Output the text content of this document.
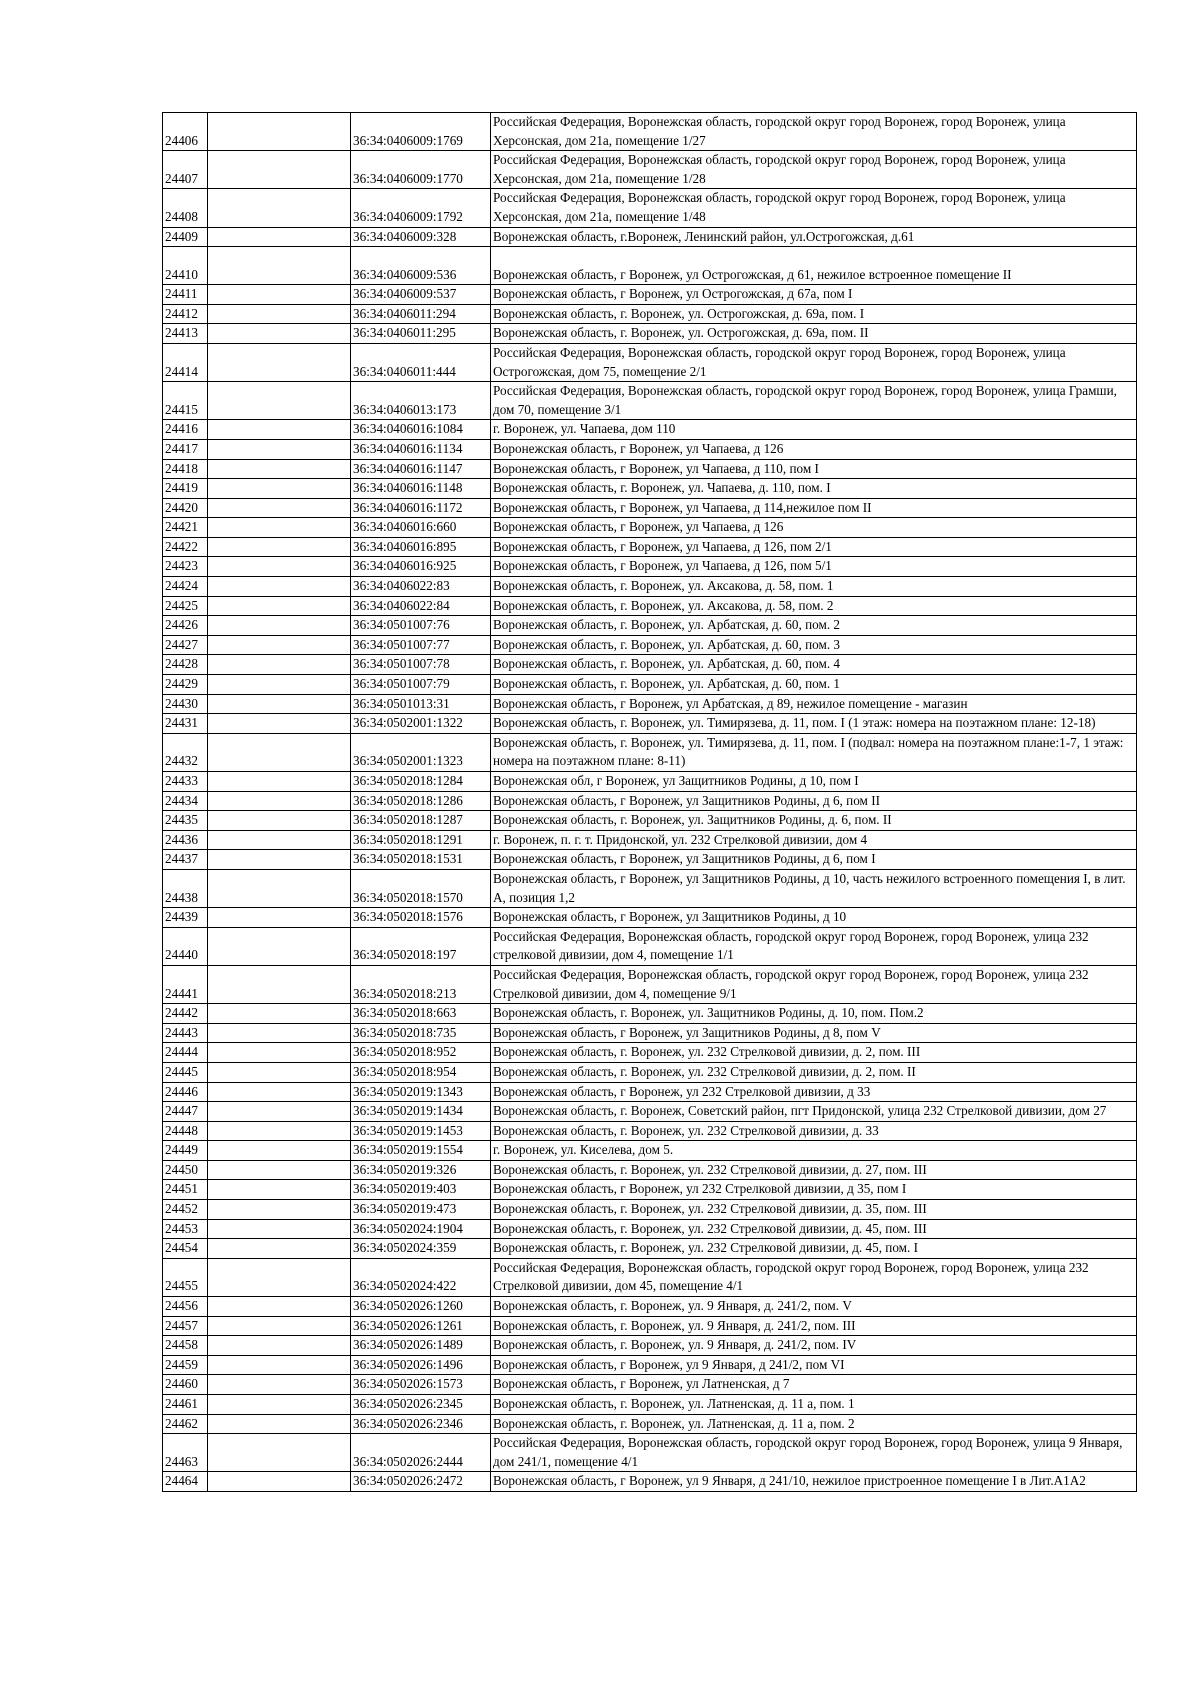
24406		36:34:0406009:1769	Российская Федерация, Воронежская область, городской округ город Воронеж, город Воронеж, улица Херсонская, дом 21а, помещение 1/27
24407		36:34:0406009:1770	Российская Федерация, Воронежская область, городской округ город Воронеж, город Воронеж, улица Херсонская, дом 21а, помещение 1/28
24408		36:34:0406009:1792	Российская Федерация, Воронежская область, городской округ город Воронеж, город Воронеж, улица Херсонская, дом 21а, помещение 1/48
24409		36:34:0406009:328	Воронежская область, г.Воронеж, Ленинский район, ул.Острогожская, д.61
24410		36:34:0406009:536	Воронежская область, г Воронеж, ул Острогожская, д 61, нежилое встроенное помещение II
24411		36:34:0406009:537	Воронежская область, г Воронеж, ул Острогожская, д 67а, пом I
24412		36:34:0406011:294	Воронежская область, г. Воронеж, ул. Острогожская, д. 69а, пом. I
24413		36:34:0406011:295	Воронежская область, г. Воронеж, ул. Острогожская, д. 69а, пом. II
24414		36:34:0406011:444	Российская Федерация, Воронежская область, городской округ город Воронеж, город Воронеж, улица Острогожская, дом 75, помещение 2/1
24415		36:34:0406013:173	Российская Федерация, Воронежская область, городской округ город Воронеж, город Воронеж, улица Грамши, дом 70, помещение 3/1
24416		36:34:0406016:1084	г. Воронеж, ул. Чапаева, дом 110
24417		36:34:0406016:1134	Воронежская область, г Воронеж, ул Чапаева, д 126
24418		36:34:0406016:1147	Воронежская область, г Воронеж, ул Чапаева, д 110, пом I
24419		36:34:0406016:1148	Воронежская область, г. Воронеж, ул. Чапаева, д. 110, пом. I
24420		36:34:0406016:1172	Воронежская область, г Воронеж, ул Чапаева, д 114,нежилое пом II
24421		36:34:0406016:660	Воронежская область, г Воронеж, ул Чапаева, д 126
24422		36:34:0406016:895	Воронежская область, г Воронеж, ул Чапаева, д 126, пом 2/1
24423		36:34:0406016:925	Воронежская область, г Воронеж, ул Чапаева, д 126, пом 5/1
24424		36:34:0406022:83	Воронежская область, г. Воронеж, ул. Аксакова, д. 58, пом. 1
24425		36:34:0406022:84	Воронежская область, г. Воронеж, ул. Аксакова, д. 58, пом. 2
24426		36:34:0501007:76	Воронежская область, г. Воронеж, ул. Арбатская, д. 60, пом. 2
24427		36:34:0501007:77	Воронежская область, г. Воронеж, ул. Арбатская, д. 60, пом. 3
24428		36:34:0501007:78	Воронежская область, г. Воронеж, ул. Арбатская, д. 60, пом. 4
24429		36:34:0501007:79	Воронежская область, г. Воронеж, ул. Арбатская, д. 60, пом. 1
24430		36:34:0501013:31	Воронежская область, г Воронеж, ул Арбатская, д 89, нежилое помещение - магазин
24431		36:34:0502001:1322	Воронежская область, г. Воронеж, ул. Тимирязева, д. 11, пом. I (1 этаж: номера на поэтажном плане: 12-18)
24432		36:34:0502001:1323	Воронежская область, г. Воронеж, ул. Тимирязева, д. 11, пом. I (подвал: номера на поэтажном плане:1-7, 1 этаж: номера на поэтажном плане: 8-11)
24433		36:34:0502018:1284	Воронежская обл, г Воронеж, ул Защитников Родины, д 10, пом I
24434		36:34:0502018:1286	Воронежская область, г Воронеж, ул Защитников Родины, д 6, пом II
24435		36:34:0502018:1287	Воронежская область, г. Воронеж, ул. Защитников Родины, д. 6, пом. II
24436		36:34:0502018:1291	г. Воронеж, п. г. т. Придонской, ул. 232 Стрелковой дивизии, дом 4
24437		36:34:0502018:1531	Воронежская область, г Воронеж, ул Защитников Родины, д 6, пом I
24438		36:34:0502018:1570	Воронежская область, г Воронеж, ул Защитников Родины, д 10, часть нежилого встроенного помещения I, в лит. А, позиция 1,2
24439		36:34:0502018:1576	Воронежская область, г Воронеж, ул Защитников Родины, д 10
24440		36:34:0502018:197	Российская Федерация, Воронежская область, городской округ город Воронеж, город Воронеж, улица 232 стрелковой дивизии, дом 4, помещение 1/1
24441		36:34:0502018:213	Российская Федерация, Воронежская область, городской округ город Воронеж, город Воронеж, улица 232 Стрелковой дивизии, дом 4, помещение 9/1
24442		36:34:0502018:663	Воронежская область, г. Воронеж, ул. Защитников Родины, д. 10, пом. Пом.2
24443		36:34:0502018:735	Воронежская область, г Воронеж, ул Защитников Родины, д 8, пом V
24444		36:34:0502018:952	Воронежская область, г. Воронеж, ул. 232 Стрелковой дивизии, д. 2, пом. III
24445		36:34:0502018:954	Воронежская область, г. Воронеж, ул. 232 Стрелковой дивизии, д. 2, пом. II
24446		36:34:0502019:1343	Воронежская область, г Воронеж, ул 232 Стрелковой дивизии, д 33
24447		36:34:0502019:1434	Воронежская область, г. Воронеж, Советский район, пгт Придонской, улица 232 Стрелковой дивизии, дом 27
24448		36:34:0502019:1453	Воронежская область, г. Воронеж, ул. 232 Стрелковой дивизии, д. 33
24449		36:34:0502019:1554	г. Воронеж, ул. Киселева, дом 5.
24450		36:34:0502019:326	Воронежская область, г. Воронеж, ул. 232 Стрелковой дивизии, д. 27, пом. III
24451		36:34:0502019:403	Воронежская область, г Воронеж, ул 232 Стрелковой дивизии, д 35, пом I
24452		36:34:0502019:473	Воронежская область, г. Воронеж, ул. 232 Стрелковой дивизии, д. 35, пом. III
24453		36:34:0502024:1904	Воронежская область, г. Воронеж, ул. 232 Стрелковой дивизии, д. 45, пом. III
24454		36:34:0502024:359	Воронежская область, г. Воронеж, ул. 232 Стрелковой дивизии, д. 45, пом. I
24455		36:34:0502024:422	Российская Федерация, Воронежская область, городской округ город Воронеж, город Воронеж, улица 232 Стрелковой дивизии, дом 45, помещение 4/1
24456		36:34:0502026:1260	Воронежская область, г. Воронеж, ул. 9 Января, д. 241/2, пом. V
24457		36:34:0502026:1261	Воронежская область, г. Воронеж, ул. 9 Января, д. 241/2, пом. III
24458		36:34:0502026:1489	Воронежская область, г. Воронеж, ул. 9 Января, д. 241/2, пом. IV
24459		36:34:0502026:1496	Воронежская область, г Воронеж, ул 9 Января, д 241/2, пом VI
24460		36:34:0502026:1573	Воронежская область, г Воронеж, ул Латненская, д 7
24461		36:34:0502026:2345	Воронежская область, г. Воронеж, ул. Латненская, д. 11 а, пом. 1
24462		36:34:0502026:2346	Воронежская область, г. Воронеж, ул. Латненская, д. 11 а, пом. 2
24463		36:34:0502026:2444	Российская Федерация, Воронежская область, городской округ город Воронеж, город Воронеж, улица 9 Января, дом 241/1, помещение 4/1
24464		36:34:0502026:2472	Воронежская область, г Воронеж, ул 9 Января, д 241/10, нежилое пристроенное помещение I в Лит.А1А2
